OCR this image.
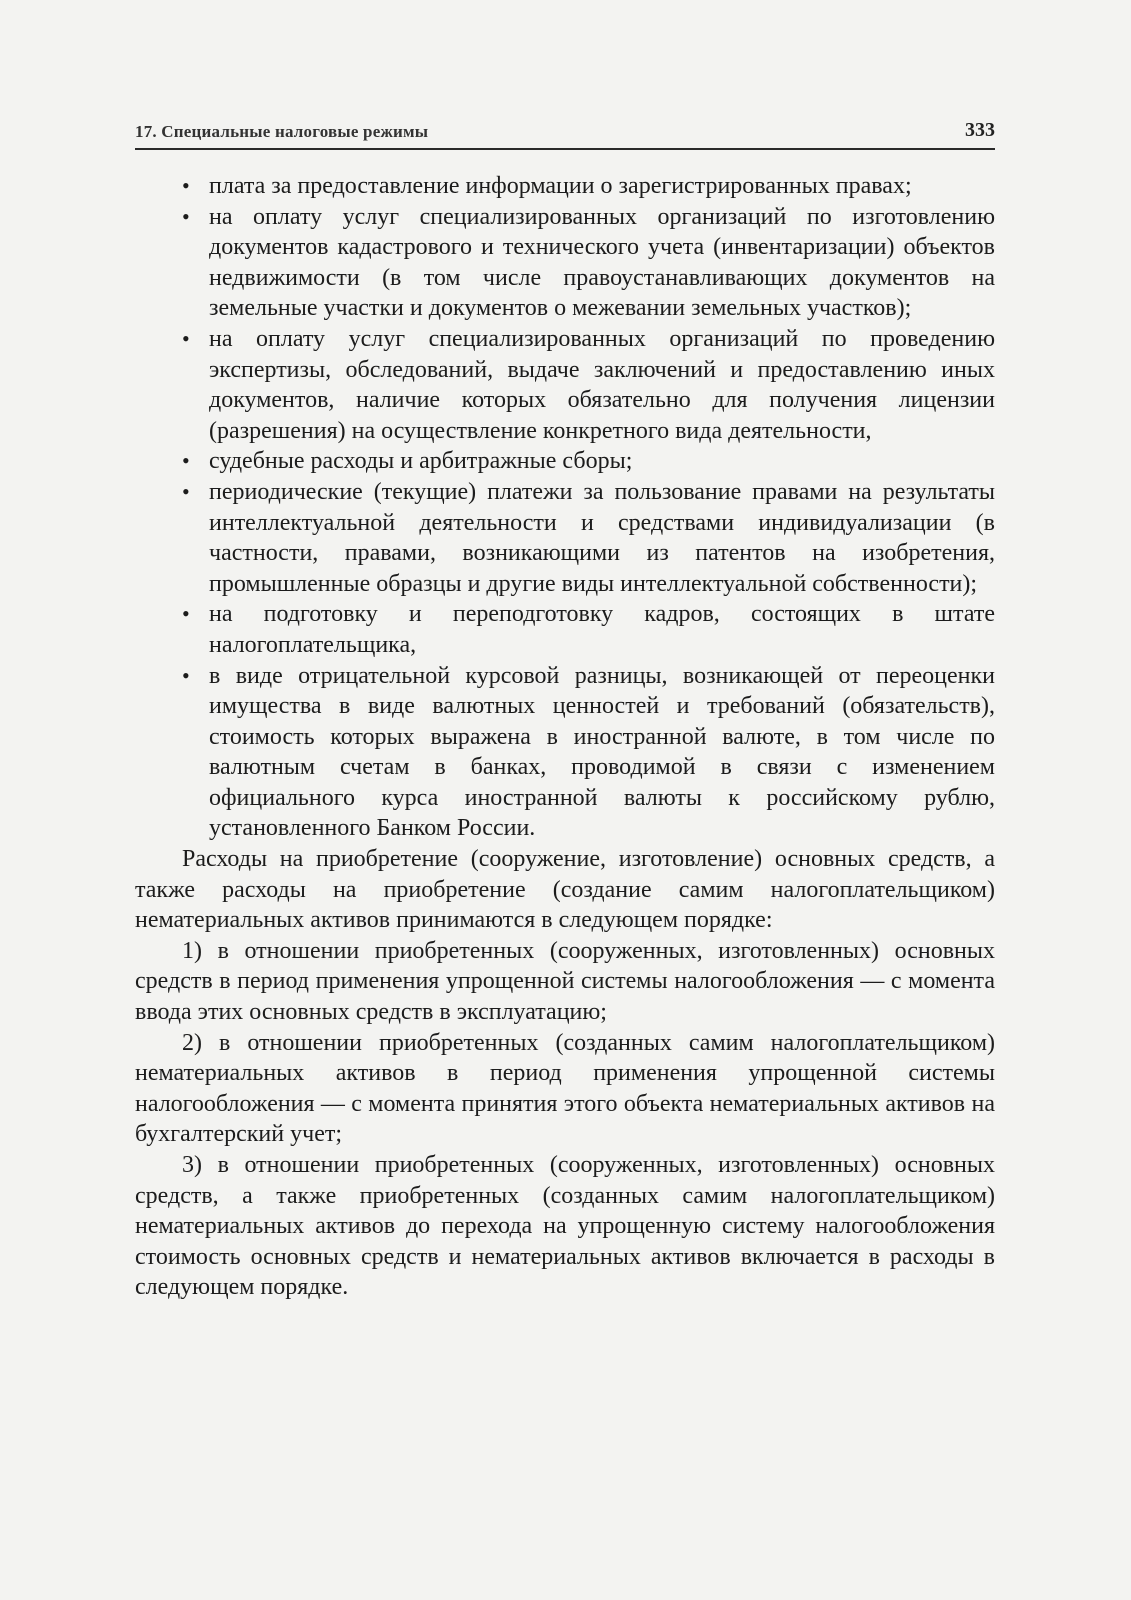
17. Специальные налоговые режимы	333
• плата за предоставление информации о зарегистрированных правах;
• на оплату услуг специализированных организаций по изготовлению документов кадастрового и технического учета (инвентаризации) объектов недвижимости (в том числе правоустанавливающих документов на земельные участки и документов о межевании земельных участков);
• на оплату услуг специализированных организаций по проведению экспертизы, обследований, выдаче заключений и предоставлению иных документов, наличие которых обязательно для получения лицензии (разрешения) на осуществление конкретного вида деятельности,
• судебные расходы и арбитражные сборы;
• периодические (текущие) платежи за пользование правами на результаты интеллектуальной деятельности и средствами индивидуализации (в частности, правами, возникающими из патентов на изобретения, промышленные образцы и другие виды интеллектуальной собственности);
• на подготовку и переподготовку кадров, состоящих в штате налогоплательщика,
• в виде отрицательной курсовой разницы, возникающей от переоценки имущества в виде валютных ценностей и требований (обязательств), стоимость которых выражена в иностранной валюте, в том числе по валютным счетам в банках, проводимой в связи с изменением официального курса иностранной валюты к российскому рублю, установленного Банком России.

Расходы на приобретение (сооружение, изготовление) основных средств, а также расходы на приобретение (создание самим налогоплательщиком) нематериальных активов принимаются в следующем порядке:

1) в отношении приобретенных (сооруженных, изготовленных) основных средств в период применения упрощенной системы налогообложения — с момента ввода этих основных средств в эксплуатацию;

2) в отношении приобретенных (созданных самим налогоплательщиком) нематериальных активов в период применения упрощенной системы налогообложения — с момента принятия этого объекта нематериальных активов на бухгалтерский учет;

3) в отношении приобретенных (сооруженных, изготовленных) основных средств, а также приобретенных (созданных самим налогоплательщиком) нематериальных активов до перехода на упрощенную систему налогообложения стоимость основных средств и нематериальных активов включается в расходы в следующем порядке.
